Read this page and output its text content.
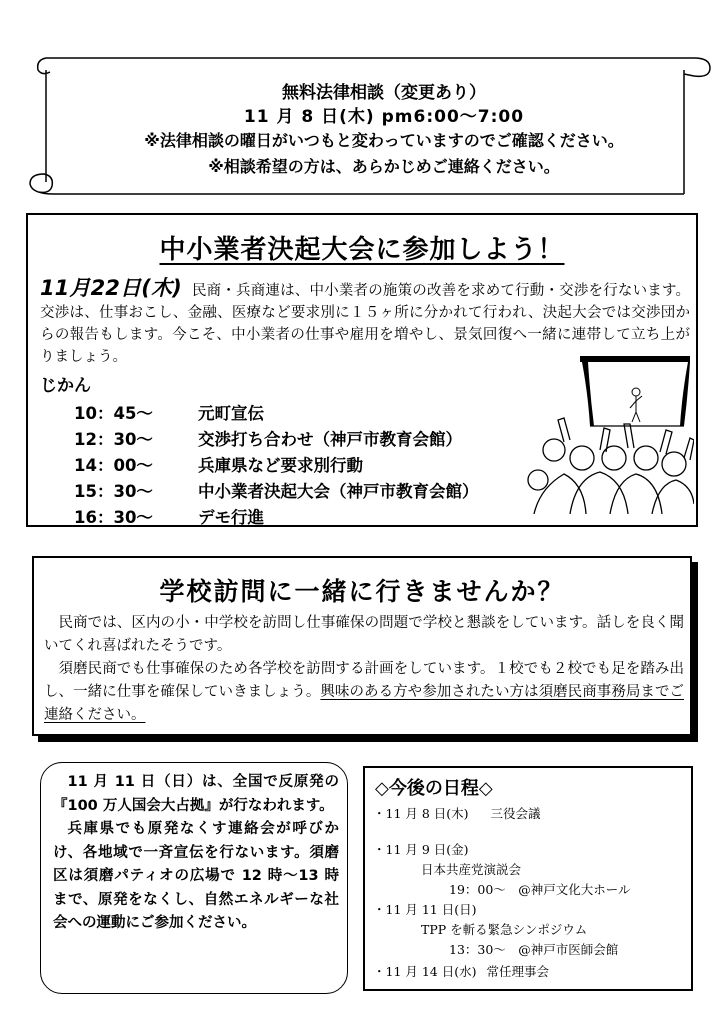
無料法律相談（変更あり）
11 月 8 日(木) pm6:00～7:00
※法律相談の曜日がいつもと変わっていますのでご確認ください。
※相談希望の方は、あらかじめご連絡ください。
中小業者決起大会に参加しよう！
11月22日(木) 民商・兵商連は、中小業者の施策の改善を求めて行動・交渉を行ないます。交渉は、仕事おこし、金融、医療など要求別に１５ヶ所に分かれて行われ、決起大会では交渉団からの報告もします。今こそ、中小業者の仕事や雇用を増やし、景気回復へ一緒に連帯して立ち上がりましょう。
じかん
10：45～	元町宣伝
12：30～	交渉打ち合わせ（神戸市教育会館）
14：00～	兵庫県など要求別行動
15：30～	中小業者決起大会（神戸市教育会館）
16：30～	デモ行進
学校訪問に一緒に行きませんか？

民商では、区内の小・中学校を訪問し仕事確保の問題で学校と懇談をしています。話しを良く聞いてくれ喜ばれたそうです。

須磨民商でも仕事確保のため各学校を訪問する計画をしています。１校でも２校でも足を踏み出し、一緒に仕事を確保していきましょう。興味のある方や参加されたい方は須磨民商事務局までご連絡ください。

11 月 11 日（日）は、全国で反原発の『100 万人国会大占拠』が行なわれます。

兵庫県でも原発なくす連絡会が呼びかけ、各地域で一斉宣伝を行ないます。須磨区は須磨パティオの広場で 12 時～13 時まで、原発をなくし、自然エネルギーな社会への運動にご参加ください。

◇今後の日程◇
・11 月 8 日(木) 三役会議
・11 月 9 日(金)
日本共産党演説会
19：00～　@神戸文化大ホール
・11 月 11 日(日)
TPP を斬る緊急シンポジウム
13：30～　@神戸市医師会館
・11 月 14 日(水) 常任理事会
